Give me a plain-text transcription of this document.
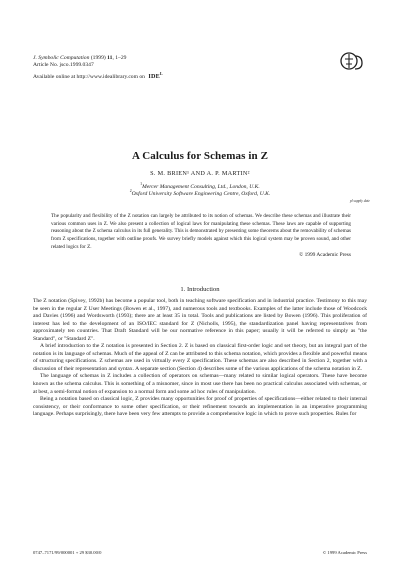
J. Symbolic Computation (1999) 11, 1–29
Article No. jsco.1999.0347
Available online at http://www.idealibrary.com on $IDE^L$
A Calculus for Schemas in Z
S. M. BRIEN¹ AND A. P. MARTIN²
$^1$Mercer Management Consulting, Ltd., London, U.K.
$^2$Oxford University Software Engineering Centre, Oxford, U.K.
pl supply date
The popularity and flexibility of the Z notation can largely be attributed to its notion of schemas. We describe these schemas and illustrate their various common uses in Z. We also present a collection of logical laws for manipulating these schemas. These laws are capable of supporting reasoning about the Z schema calculus in its full generality. This is demonstrated by presenting some theorems about the removability of schemas from Z specifications, together with outline proofs. We survey briefly models against which this logical system may be proven sound, and other related logics for Z.
© 1999 Academic Press
1. Introduction

The Z notation (Spivey, 1992b) has become a popular tool, both in teaching software specification and in industrial practice. Testimony to this may be seen in the regular Z User Meetings (Bowen et al., 1997), and numerous tools and textbooks. Examples of the latter include those of Woodcock and Davies (1996) and Wordsworth (1993); there are at least 35 in total. Tools and publications are listed by Bowen (1996). This proliferation of interest has led to the development of an ISO/IEC standard for Z (Nicholls, 1995), the standardization panel having representatives from approximately ten countries. That Draft Standard will be our normative reference in this paper; usually it will be referred to simply as "the Standard", or "Standard Z".

A brief introduction to the Z notation is presented in Section 2. Z is based on classical first-order logic and set theory, but an integral part of the notation is its language of schemas. Much of the appeal of Z can be attributed to this schema notation, which provides a flexible and powerful means of structuring specifications. Z schemas are used in virtually every Z specification. These schemas are also described in Section 2, together with a discussion of their representation and syntax. A separate section (Section 4) describes some of the various applications of the schema notation in Z.

The language of schemas in Z includes a collection of operators on schemas—many related to similar logical operators. These have become known as the schema calculus. This is something of a misnomer, since in most use there has been no practical calculus associated with schemas, or at best, a semi-formal notion of expansion to a normal form and some ad hoc rules of manipulation.

Being a notation based on classical logic, Z provides many opportunities for proof of properties of specifications—either related to their internal consistency, or their conformance to some other specification, or their refinement towards an implementation in an imperative programming language. Perhaps surprisingly, there have been very few attempts to provide a comprehensive logic in which to prove such properties. Rules for

0747–7171/99/000001 + 29 $30.00/0	© 1999 Academic Press
